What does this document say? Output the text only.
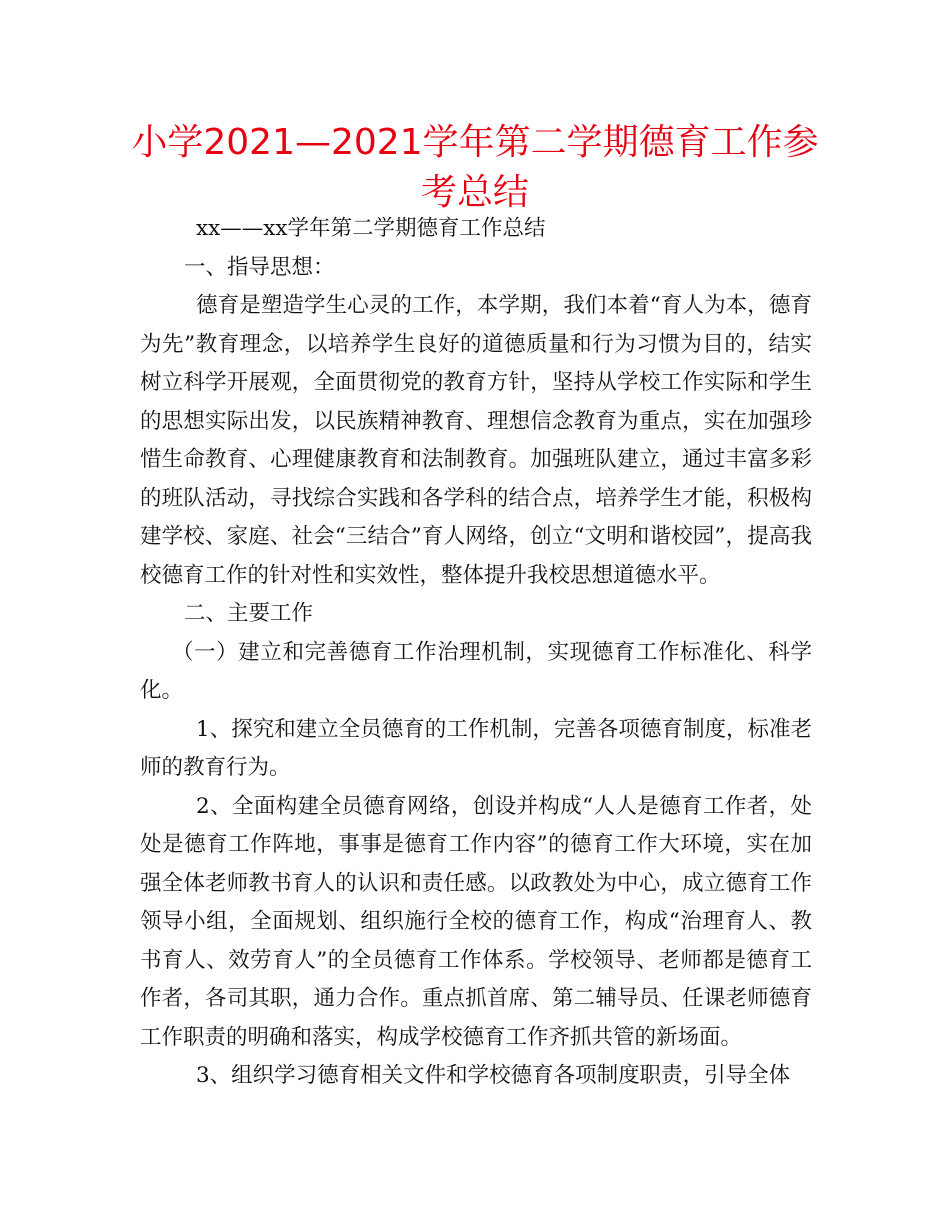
小学2021—2021学年第二学期德育工作参考总结

xx——xx学年第二学期德育工作总结

一、指导思想：

德育是塑造学生心灵的工作，本学期，我们本着“育人为本，德育为先”教育理念，以培养学生良好的道德质量和行为习惯为目的，结实树立科学开展观，全面贯彻党的教育方针，坚持从学校工作实际和学生的思想实际出发，以民族精神教育、理想信念教育为重点，实在加强珍惜生命教育、心理健康教育和法制教育。加强班队建立，通过丰富多彩的班队活动，寻找综合实践和各学科的结合点，培养学生才能，积极构建学校、家庭、社会“三结合”育人网络，创立“文明和谐校园”，提高我校德育工作的针对性和实效性，整体提升我校思想道德水平。

二、主要工作

（一）建立和完善德育工作治理机制，实现德育工作标准化、科学化。

1、探究和建立全员德育的工作机制，完善各项德育制度，标准老师的教育行为。

2、全面构建全员德育网络，创设并构成“人人是德育工作者，处处是德育工作阵地，事事是德育工作内容”的德育工作大环境，实在加强全体老师教书育人的认识和责任感。以政教处为中心，成立德育工作领导小组，全面规划、组织施行全校的德育工作，构成“治理育人、教书育人、效劳育人”的全员德育工作体系。学校领导、老师都是德育工作者，各司其职，通力合作。重点抓首席、第二辅导员、任课老师德育工作职责的明确和落实，构成学校德育工作齐抓共管的新场面。

3、组织学习德育相关文件和学校德育各项制度职责，引导全体
